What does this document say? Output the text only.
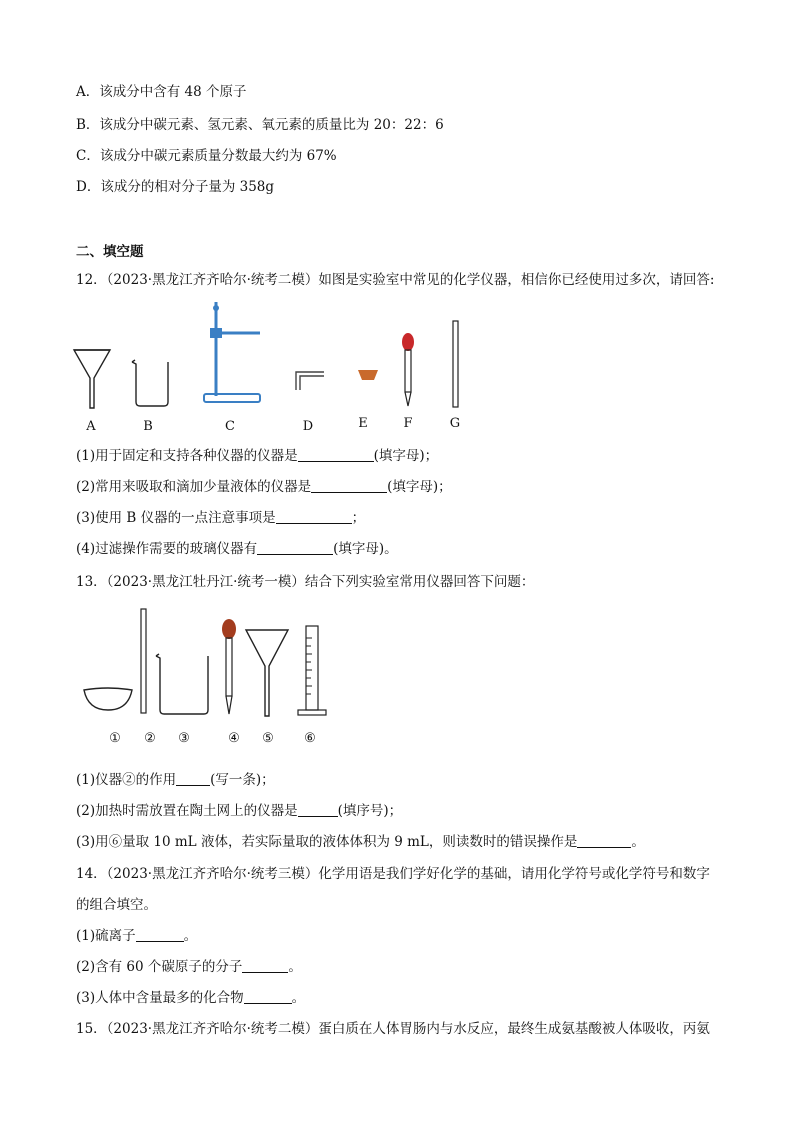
A．该成分中含有 48 个原子
B．该成分中碳元素、氢元素、氧元素的质量比为 20：22：6
C．该成分中碳元素质量分数最大约为 67%
D．该成分的相对分子量为 358g
二、填空题
12．（2023·黑龙江齐齐哈尔·统考二模）如图是实验室中常见的化学仪器，相信你已经使用过多次，请回答:
A	B	C	D	E	F	G
(1)用于固定和支持各种仪器的仪器是	(填字母)；
(2)常用来吸取和滴加少量液体的仪器是	(填字母)；
(3)使用 B 仪器的一点注意事项是	；
(4)过滤操作需要的玻璃仪器有	(填字母)。
13．（2023·黑龙江牡丹江·统考一模）结合下列实验室常用仪器回答下问题：
①	②	③	④	⑤	⑥
(1)仪器②的作用	(写一条)；
(2)加热时需放置在陶土网上的仪器是	(填序号)；
(3)用⑥量取 10 mL 液体，若实际量取的液体体积为 9 mL，则读数时的错误操作是	。
14．（2023·黑龙江齐齐哈尔·统考三模）化学用语是我们学好化学的基础，请用化学符号或化学符号和数字
的组合填空。
(1)硫离子	。
(2)含有 60 个碳原子的分子	。
(3)人体中含量最多的化合物	。
15．（2023·黑龙江齐齐哈尔·统考二模）蛋白质在人体胃肠内与水反应，最终生成氨基酸被人体吸收，丙氨
